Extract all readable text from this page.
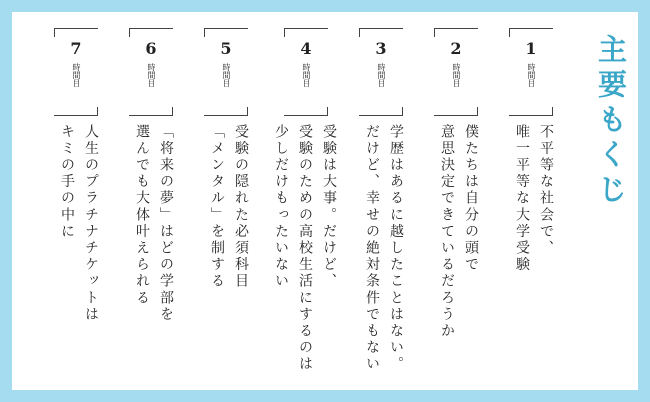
主要もくじ
1
時間目
不平等な社会で、
唯一平等な大学受験
2
時間目
僕たちは自分の頭で
意思決定できているだろうか
3
時間目
学歴はあるに越したことはない。
だけど、幸せの絶対条件でもない
4
時間目
受験は大事。だけど、
受験のための高校生活にするのは
少しだけもったいない
5
時間目
受験の隠れた必須科目
「メンタル」を制する
6
時間目
「将来の夢」はどの学部を
選んでも大体叶えられる
7
時間目
人生のプラチナチケットは
キミの手の中に
